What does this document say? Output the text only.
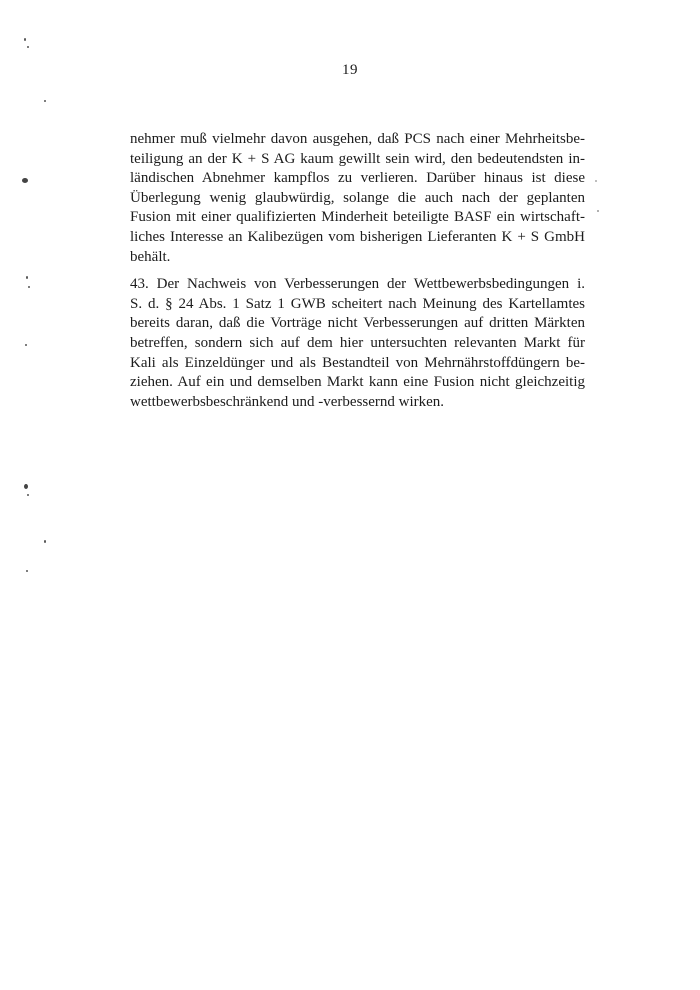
19

nehmer muß vielmehr davon ausgehen, daß PCS nach einer Mehrheitsbe-
teiligung an der K + S AG kaum gewillt sein wird, den bedeutendsten in-
ländischen Abnehmer kampflos zu verlieren. Darüber hinaus ist diese
Überlegung wenig glaubwürdig, solange die auch nach der geplanten
Fusion mit einer qualifizierten Minderheit beteiligte BASF ein wirtschaft-
liches Interesse an Kalibezügen vom bisherigen Lieferanten K + S GmbH
behält.

43. Der Nachweis von Verbesserungen der Wettbewerbsbedingungen i.
S. d. § 24 Abs. 1 Satz 1 GWB scheitert nach Meinung des Kartellamtes
bereits daran, daß die Vorträge nicht Verbesserungen auf dritten Märkten
betreffen, sondern sich auf dem hier untersuchten relevanten Markt für
Kali als Einzeldünger und als Bestandteil von Mehrnährstoffdüngern be-
ziehen. Auf ein und demselben Markt kann eine Fusion nicht gleichzeitig
wettbewerbsbeschränkend und -verbessernd wirken.
